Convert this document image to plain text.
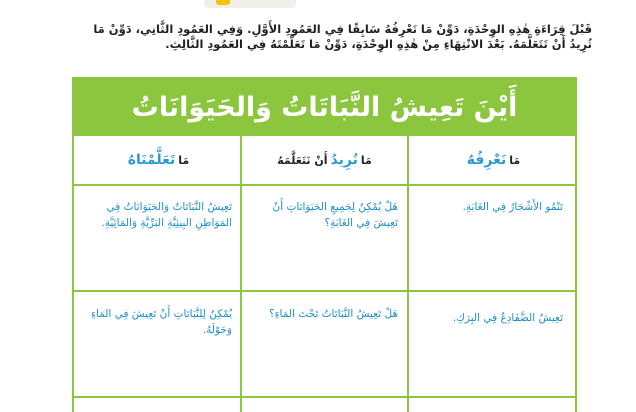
قَبْلَ قِرَاءَةِ هٰذِهِ الوِحْدَةِ، دَوِّنْ مَا تَعْرِفُهُ سَابِقًا فِي العَمُودِ الأَوَّلِ. وَفِي العَمُودِ الثَّانِي، دَوِّنْ مَا
تُرِيدُ أَنْ تَتَعَلَّمَهُ. بَعْدَ الانْتِهَاءِ مِنْ هٰذِهِ الوِحْدَةِ، دَوِّنْ مَا تَعَلَّمْتَهُ فِي العَمُودِ الثَّالِثِ.
أَيْنَ تَعِيشُ النَّبَاتَاتُ وَالحَيَوَانَاتُ
مَا
نَعْرِفُهُ
مَا
نُرِيدُ
أَنْ نَتَعَلَّمَهُ
مَا
تَعَلَّمْنَاهُ
تَنْمُو الأَشْجَارُ فِي الغَابَةِ.
هَلْ يُمْكِنُ لِجَمِيعِ الحَيَوَانَاتِ أَنْ تَعِيشَ فِي الغَابَةِ؟
تَعِيشُ النَّبَاتَاتُ وَالحَيَوَانَاتُ فِي المَوَاطِنِ البِيئِيَّةِ البَرِّيَّةِ وَالمَائِيَّةِ.
تَعِيشُ الضَّفَادِعُ فِي البِرَكِ.
هَلْ تَعِيشُ النَّبَاتَاتُ تَحْتَ المَاءِ؟
يُمْكِنُ لِلنَّبَاتَاتِ أَنْ تَعِيشَ فِي المَاءِ وَحَوْلَهُ.
